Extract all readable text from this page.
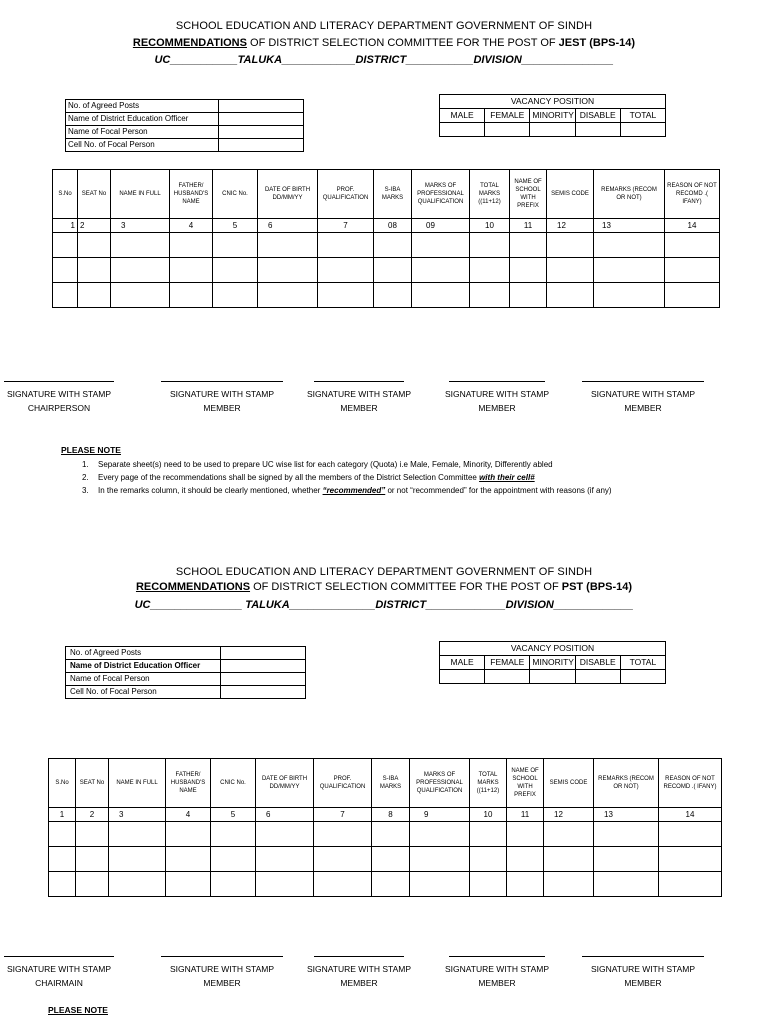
SCHOOL EDUCATION AND LITERACY DEPARTMENT GOVERNMENT OF SINDH
RECOMMENDATIONS OF DISTRICT SELECTION COMMITTEE FOR THE POST OF JEST (BPS-14)
UC___________TALUKA____________DISTRICT___________DIVISION_______________
No. of Agreed Posts	
Name of District Education Officer	
Name of Focal Person	
Cell No. of Focal Person	
VACANCY POSITION				
MALE	FEMALE	MINORITY	DISABLE	TOTAL

S.No	SEAT No	NAME IN FULL	FATHER/ HUSBAND'S NAME	CNIC No.	DATE OF BIRTH DD/MM/YY	PROF. QUALIFICATION	S-IBA MARKS	MARKS OF PROFESSIONAL QUALIFICATION	TOTAL MARKS ((11+12)	NAME OF SCHOOL WITH PREFIX	SEMIS CODE	REMARKS (RECOM OR NOT)	REASON OF NOT RECOMD .( IFANY)
1	2	3	4	5	6	7	08	09	10	11	12	13	14

SIGNATURE WITH STAMP
CHAIRPERSON
SIGNATURE WITH STAMP
MEMBER
SIGNATURE WITH STAMP
MEMBER
SIGNATURE WITH STAMP
MEMBER
SIGNATURE WITH STAMP
MEMBER
PLEASE NOTE
1. Separate sheet(s) need to be used to prepare UC wise list for each category (Quota) i.e Male, Female, Minority, Differently abled
2. Every page of the recommendations shall be signed by all the members of the District Selection Committee with their cell#
3. In the remarks column, it should be clearly mentioned, whether “recommended” or not “recommended” for the appointment with reasons (if any)
SCHOOL EDUCATION AND LITERACY DEPARTMENT GOVERNMENT OF SINDH
RECOMMENDATIONS OF DISTRICT SELECTION COMMITTEE FOR THE POST OF PST (BPS-14)
UC_______________ TALUKA______________DISTRICT_____________DIVISION_____________
No. of Agreed Posts	
Name of District Education Officer	
Name of Focal Person	
Cell No. of Focal Person	
VACANCY POSITION				
MALE	FEMALE	MINORITY	DISABLE	TOTAL

S.No	SEAT No	NAME IN FULL	FATHER/ HUSBAND'S NAME	CNIC No.	DATE OF BIRTH DD/MM/YY	PROF. QUALIFICATION	S-IBA MARKS	MARKS OF PROFESSIONAL QUALIFICATION	TOTAL MARKS ((11+12)	NAME OF SCHOOL WITH PREFIX	SEMIS CODE	REMARKS (RECOM OR NOT)	REASON OF NOT RECOMD .( IFANY)
1	2	3	4	5	6	7	8	9	10	11	12	13	14

SIGNATURE WITH STAMP
CHAIRMAIN
SIGNATURE WITH STAMP
MEMBER
SIGNATURE WITH STAMP
MEMBER
SIGNATURE WITH STAMP
MEMBER
SIGNATURE WITH STAMP
MEMBER
PLEASE NOTE
